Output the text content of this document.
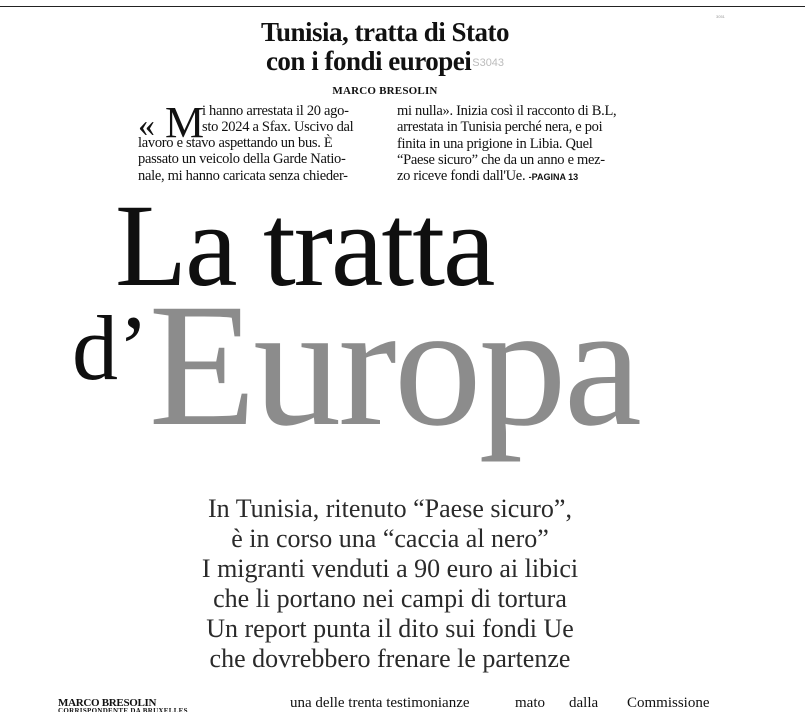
3051
Tunisia, tratta di Stato
con i fondi europeiS3043
MARCO BRESOLIN
« M
i hanno arrestata il 20 ago-
sto 2024 a Sfax. Uscivo dal
lavoro e stavo aspettando un bus. È
passato un veicolo della Garde Natio-
nale, mi hanno caricata senza chieder-
mi nulla». Inizia così il racconto di B.L,
arrestata in Tunisia perché nera, e poi
finita in una prigione in Libia. Quel
“Paese sicuro” che da un anno e mez-
zo riceve fondi dall'Ue. -PAGINA 13
La tratta
d’Europa
In Tunisia, ritenuto “Paese sicuro”,
è in corso una “caccia al nero”
I migranti venduti a 90 euro ai libici
che li portano nei campi di tortura
Un report punta il dito sui fondi Ue
che dovrebbero frenare le partenze
MARCO BRESOLIN
CORRISPONDENTE DA BRUXELLES	una delle trenta testimonianze	mato dalla Commissione
